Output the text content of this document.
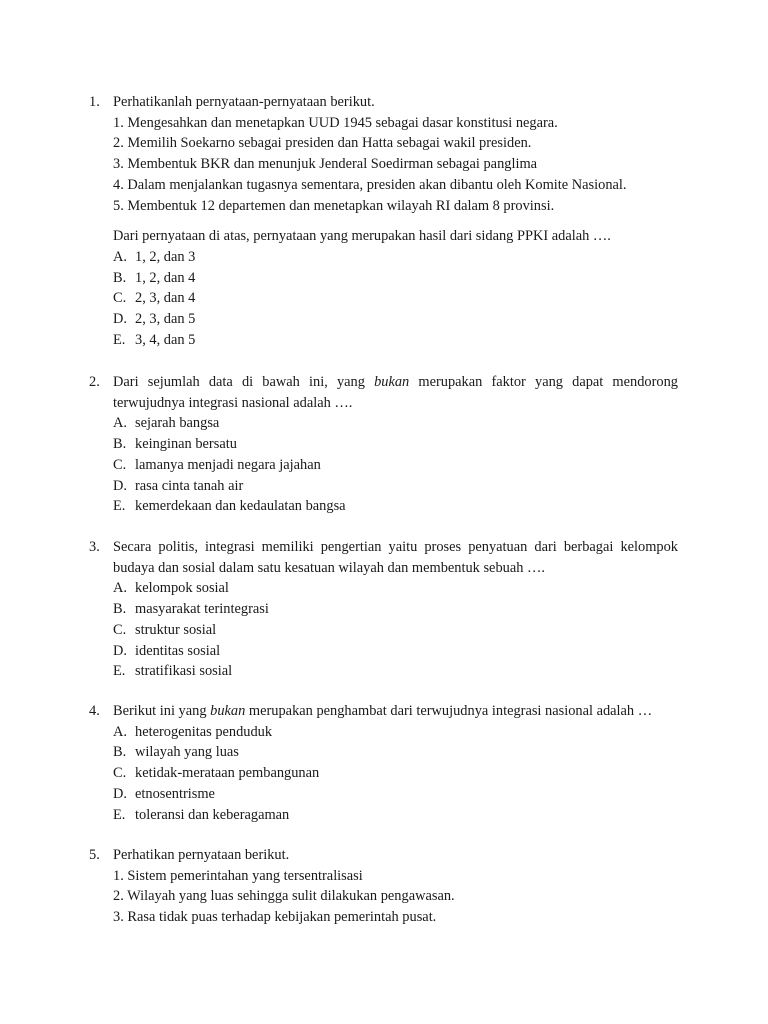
1. Perhatikanlah pernyataan-pernyataan berikut.
1. Mengesahkan dan menetapkan UUD 1945 sebagai dasar konstitusi negara.
2. Memilih Soekarno sebagai presiden dan Hatta sebagai wakil presiden.
3. Membentuk BKR dan menunjuk Jenderal Soedirman sebagai panglima
4. Dalam menjalankan tugasnya sementara, presiden akan dibantu oleh Komite Nasional.
5. Membentuk 12 departemen dan menetapkan wilayah RI dalam 8 provinsi.
Dari pernyataan di atas, pernyataan yang merupakan hasil dari sidang PPKI adalah ….
A. 1, 2, dan 3
B. 1, 2, dan 4
C. 2, 3, dan 4
D. 2, 3, dan 5
E. 3, 4, dan 5
2. Dari sejumlah data di bawah ini, yang bukan merupakan faktor yang dapat mendorong
terwujudnya integrasi nasional adalah ….
A. sejarah bangsa
B. keinginan bersatu
C. lamanya menjadi negara jajahan
D. rasa cinta tanah air
E. kemerdekaan dan kedaulatan bangsa
3. Secara politis, integrasi memiliki pengertian yaitu proses penyatuan dari berbagai kelompok
budaya dan sosial dalam satu kesatuan wilayah dan membentuk sebuah ….
A. kelompok sosial
B. masyarakat terintegrasi
C. struktur sosial
D. identitas sosial
E. stratifikasi sosial
4. Berikut ini yang bukan merupakan penghambat dari terwujudnya integrasi nasional adalah …
A. heterogenitas penduduk
B. wilayah yang luas
C. ketidak-merataan pembangunan
D. etnosentrisme
E. toleransi dan keberagaman
5. Perhatikan pernyataan berikut.
1. Sistem pemerintahan yang tersentralisasi
2. Wilayah yang luas sehingga sulit dilakukan pengawasan.
3. Rasa tidak puas terhadap kebijakan pemerintah pusat.
